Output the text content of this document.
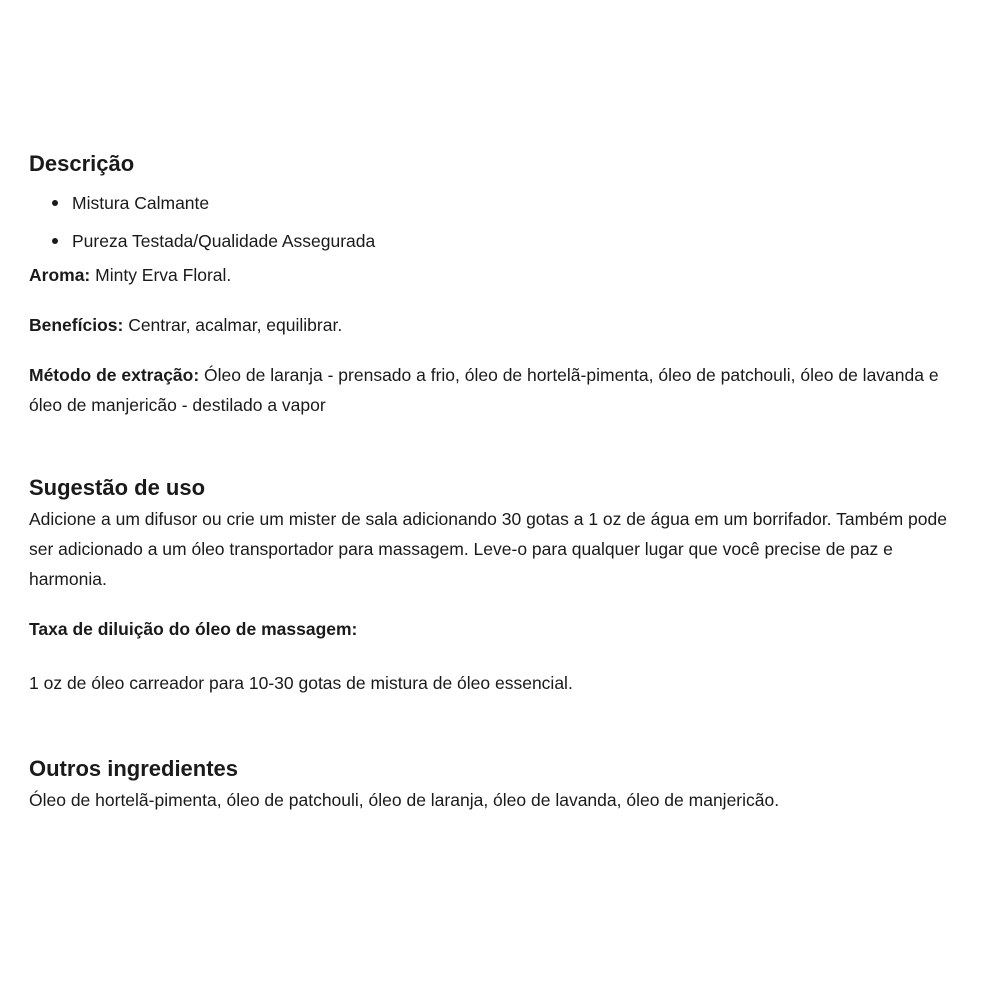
Descrição
Mistura Calmante
Pureza Testada/Qualidade Assegurada

Aroma: Minty Erva Floral.

Benefícios: Centrar, acalmar, equilibrar.

Método de extração: Óleo de laranja - prensado a frio, óleo de hortelã-pimenta, óleo de patchouli, óleo de lavanda e óleo de manjericão - destilado a vapor

Sugestão de uso

Adicione a um difusor ou crie um mister de sala adicionando 30 gotas a 1 oz de água em um borrifador. Também pode ser adicionado a um óleo transportador para massagem. Leve-o para qualquer lugar que você precise de paz e harmonia.

Taxa de diluição do óleo de massagem:

1 oz de óleo carreador para 10-30 gotas de mistura de óleo essencial.

Outros ingredientes

Óleo de hortelã-pimenta, óleo de patchouli, óleo de laranja, óleo de lavanda, óleo de manjericão.
